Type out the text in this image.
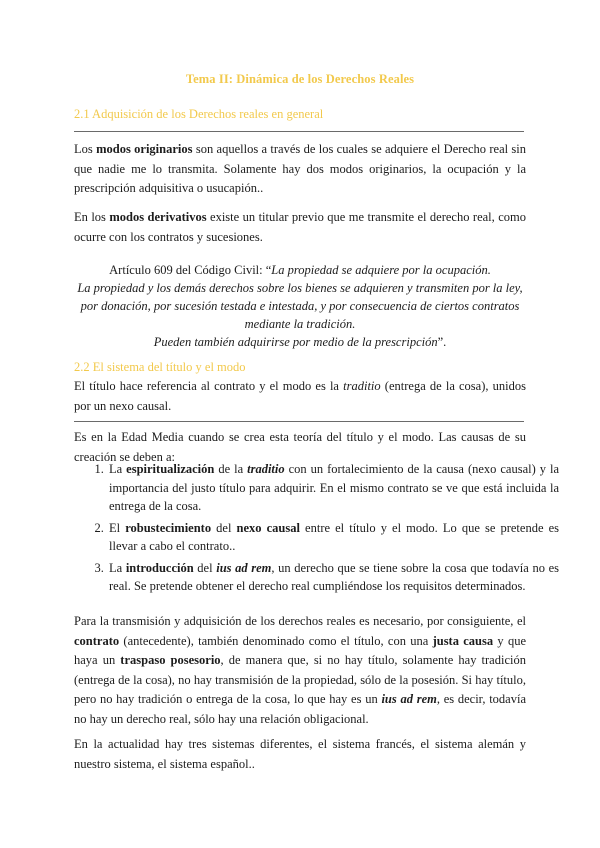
Tema II: Dinámica de los Derechos Reales
2.1 Adquisición de los Derechos reales en general

Los modos originarios son aquellos a través de los cuales se adquiere el Derecho real sin que nadie me lo transmita. Solamente hay dos modos originarios, la ocupación y la prescripción adquisitiva o usucapión..

En los modos derivativos existe un titular previo que me transmite el derecho real, como ocurre con los contratos y sucesiones.

Artículo 609 del Código Civil: “La propiedad se adquiere por la ocupación.
La propiedad y los demás derechos sobre los bienes se adquieren y transmiten por la ley, por donación, por sucesión testada e intestada, y por consecuencia de ciertos contratos mediante la tradición.
Pueden también adquirirse por medio de la prescripción”.
2.2 El sistema del título y el modo

El título hace referencia al contrato y el modo es la traditio (entrega de la cosa), unidos por un nexo causal.

Es en la Edad Media cuando se crea esta teoría del título y el modo. Las causas de su creación se deben a:

1. La espiritualización de la traditio con un fortalecimiento de la causa (nexo causal) y la importancia del justo título para adquirir. En el mismo contrato se ve que está incluida la entrega de la cosa.
2. El robustecimiento del nexo causal entre el título y el modo. Lo que se pretende es llevar a cabo el contrato..
3. La introducción del ius ad rem, un derecho que se tiene sobre la cosa que todavía no es real. Se pretende obtener el derecho real cumpliéndose los requisitos determinados.

Para la transmisión y adquisición de los derechos reales es necesario, por consiguiente, el contrato (antecedente), también denominado como el título, con una justa causa y que haya un traspaso posesorio, de manera que, si no hay título, solamente hay tradición (entrega de la cosa), no hay transmisión de la propiedad, sólo de la posesión. Si hay título, pero no hay tradición o entrega de la cosa, lo que hay es un ius ad rem, es decir, todavía no hay un derecho real, sólo hay una relación obligacional.

En la actualidad hay tres sistemas diferentes, el sistema francés, el sistema alemán y nuestro sistema, el sistema español..
